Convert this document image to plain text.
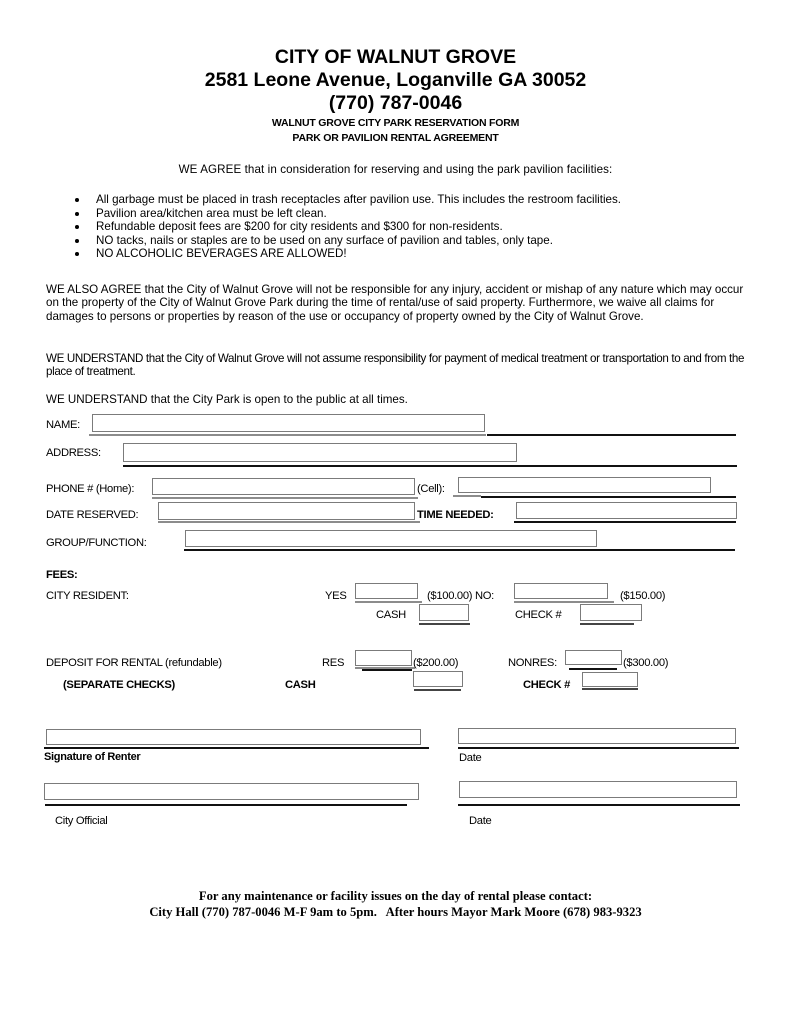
CITY OF WALNUT GROVE
2581 Leone Avenue, Loganville GA 30052
(770) 787-0046
WALNUT GROVE CITY PARK RESERVATION FORM
PARK OR PAVILION RENTAL AGREEMENT
WE AGREE that in consideration for reserving and using the park pavilion facilities:
All garbage must be placed in trash receptacles after pavilion use. This includes the restroom facilities.
Pavilion area/kitchen area must be left clean.
Refundable deposit fees are $200 for city residents and $300 for non-residents.
NO tacks, nails or staples are to be used on any surface of pavilion and tables, only tape.
NO ALCOHOLIC BEVERAGES ARE ALLOWED!
WE ALSO AGREE that the City of Walnut Grove will not be responsible for any injury, accident or mishap of any nature which may occur on the property of the City of Walnut Grove Park during the time of rental/use of said property. Furthermore, we waive all claims for damages to persons or properties by reason of the use or occupancy of property owned by the City of Walnut Grove.
WE UNDERSTAND that the City of Walnut Grove will not assume responsibility for payment of medical treatment or transportation to and from the place of treatment.
WE UNDERSTAND that the City Park is open to the public at all times.
NAME:
ADDRESS:
PHONE # (Home):	(Cell):
DATE RESERVED:	TIME NEEDED:
GROUP/FUNCTION:
FEES:
CITY RESIDENT:	YES	($100.00) NO:	($150.00)
CASH	CHECK #
DEPOSIT FOR RENTAL (refundable)	RES	($200.00)	NONRES:	($300.00)
(SEPARATE CHECKS)	CASH	CHECK #
Signature of Renter	Date
City Official	Date
For any maintenance or facility issues on the day of rental please contact:
City Hall (770) 787-0046 M-F 9am to 5pm.   After hours Mayor Mark Moore (678) 983-9323
